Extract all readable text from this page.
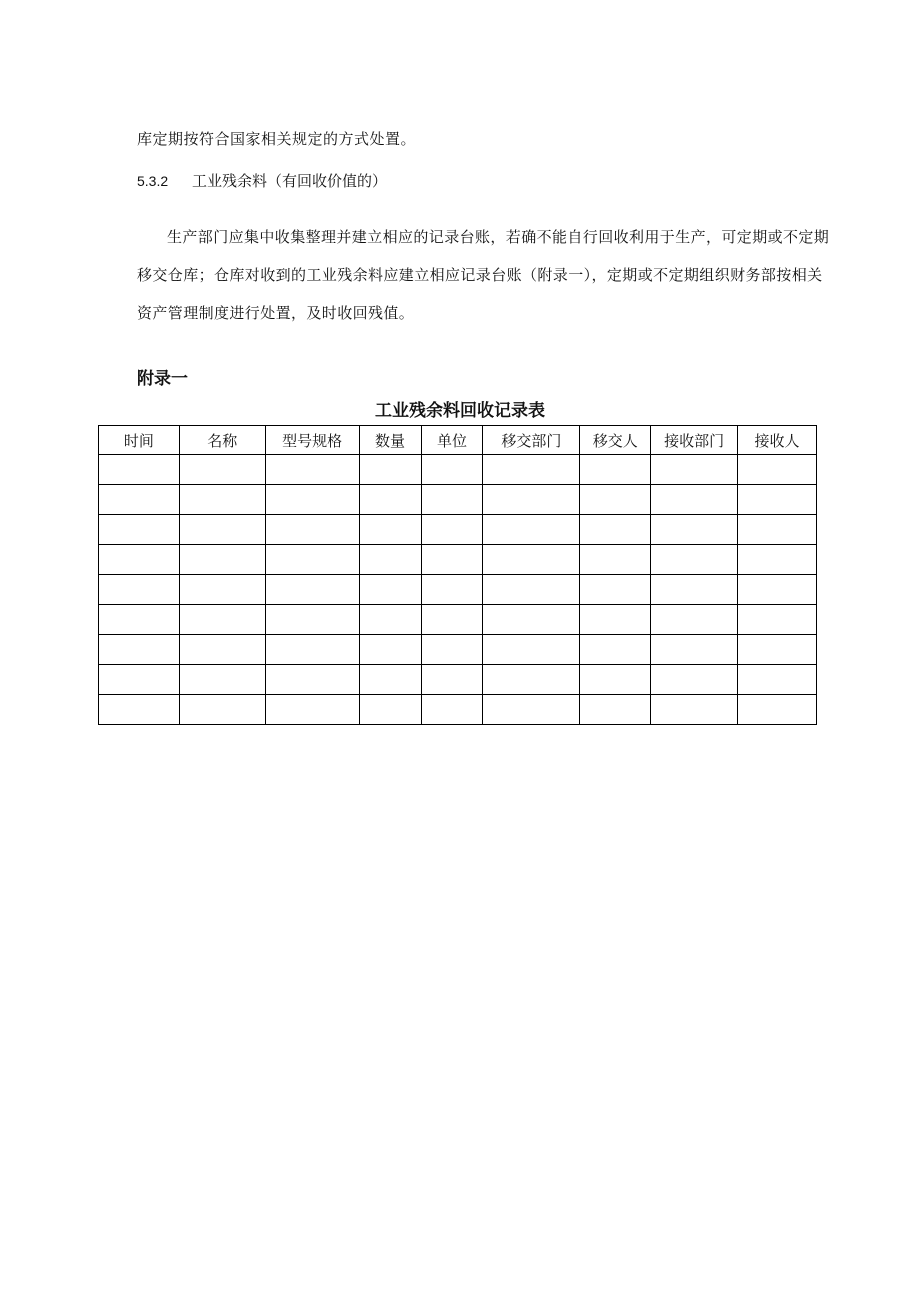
库定期按符合国家相关规定的方式处置。
5.3.2 工业残余料（有回收价值的）

生产部门应集中收集整理并建立相应的记录台账，若确不能自行回收利用于生产，可定期或不定期移交仓库；仓库对收到的工业残余料应建立相应记录台账（附录一），定期或不定期组织财务部按相关资产管理制度进行处置，及时收回残值。

附录一
工业残余料回收记录表
时间	名称	型号规格	数量	单位	移交部门	移交人	接收部门	接收人
